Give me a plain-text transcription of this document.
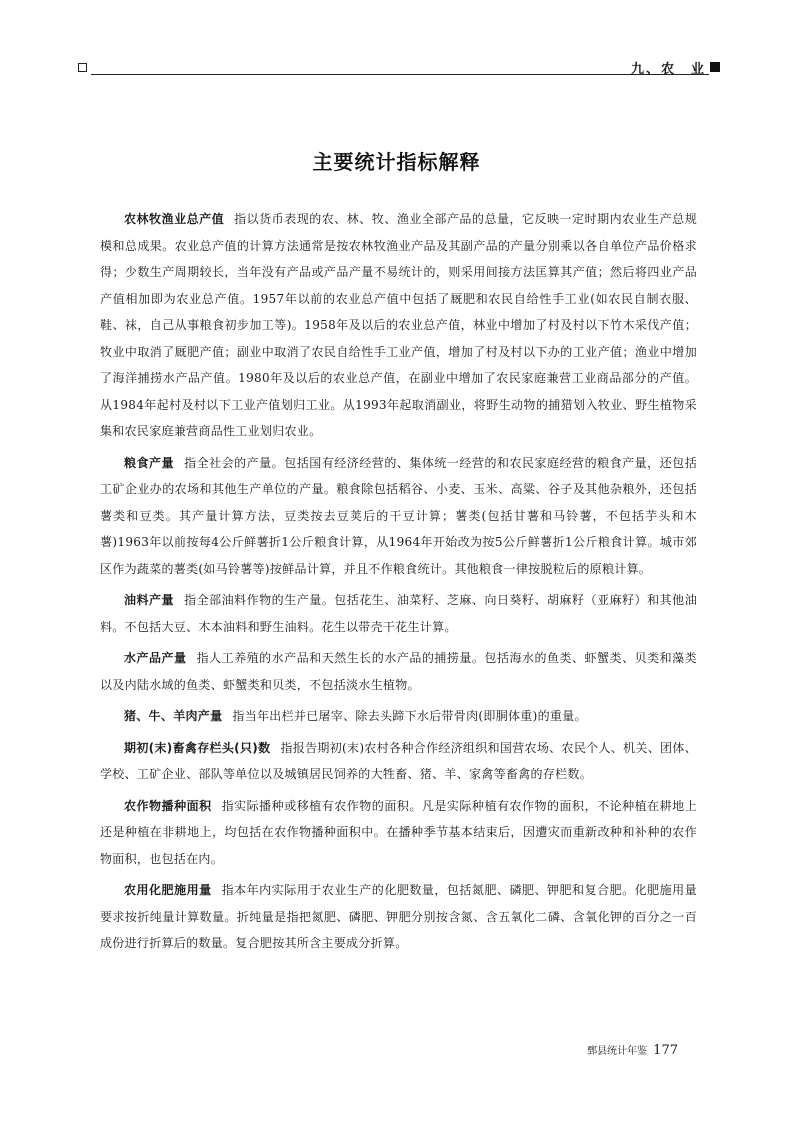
九、农　业
主要统计指标解释

农林牧渔业总产值 指以货币表现的农、林、牧、渔业全部产品的总量，它反映一定时期内农业生产总规模和总成果。农业总产值的计算方法通常是按农林牧渔业产品及其副产品的产量分别乘以各自单位产品价格求得；少数生产周期较长，当年没有产品或产品产量不易统计的，则采用间接方法匡算其产值；然后将四业产品产值相加即为农业总产值。1957年以前的农业总产值中包括了厩肥和农民自给性手工业(如农民自制衣服、鞋、袜，自己从事粮食初步加工等)。1958年及以后的农业总产值，林业中增加了村及村以下竹木采伐产值；牧业中取消了厩肥产值；副业中取消了农民自给性手工业产值，增加了村及村以下办的工业产值；渔业中增加了海洋捕捞水产品产值。1980年及以后的农业总产值，在副业中增加了农民家庭兼营工业商品部分的产值。从1984年起村及村以下工业产值划归工业。从1993年起取消副业，将野生动物的捕猎划入牧业、野生植物采集和农民家庭兼营商品性工业划归农业。

粮食产量 指全社会的产量。包括国有经济经营的、集体统一经营的和农民家庭经营的粮食产量，还包括工矿企业办的农场和其他生产单位的产量。粮食除包括稻谷、小麦、玉米、高粱、谷子及其他杂粮外，还包括薯类和豆类。其产量计算方法，豆类按去豆荚后的干豆计算；薯类(包括甘薯和马铃薯，不包括芋头和木薯)1963年以前按每4公斤鲜薯折1公斤粮食计算，从1964年开始改为按5公斤鲜薯折1公斤粮食计算。城市郊区作为蔬菜的薯类(如马铃薯等)按鲜品计算，并且不作粮食统计。其他粮食一律按脱粒后的原粮计算。

油料产量 指全部油料作物的生产量。包括花生、油菜籽、芝麻、向日葵籽、胡麻籽（亚麻籽）和其他油料。不包括大豆、木本油料和野生油料。花生以带壳干花生计算。

水产品产量 指人工养殖的水产品和天然生长的水产品的捕捞量。包括海水的鱼类、虾蟹类、贝类和藻类以及内陆水域的鱼类、虾蟹类和贝类，不包括淡水生植物。

猪、牛、羊肉产量 指当年出栏并已屠宰、除去头蹄下水后带骨肉(即胴体重)的重量。

期初(末)畜禽存栏头(只)数 指报告期初(末)农村各种合作经济组织和国营农场、农民个人、机关、团体、学校、工矿企业、部队等单位以及城镇居民饲养的大牲畜、猪、羊、家禽等畜禽的存栏数。

农作物播种面积 指实际播种或移植有农作物的面积。凡是实际种植有农作物的面积，不论种植在耕地上还是种植在非耕地上，均包括在农作物播种面积中。在播种季节基本结束后，因遭灾而重新改种和补种的农作物面积，也包括在内。

农用化肥施用量 指本年内实际用于农业生产的化肥数量，包括氮肥、磷肥、钾肥和复合肥。化肥施用量要求按折纯量计算数量。折纯量是指把氮肥、磷肥、钾肥分别按含氮、含五氧化二磷、含氧化钾的百分之一百成份进行折算后的数量。复合肥按其所含主要成分折算。

鄄县统计年鉴 177
